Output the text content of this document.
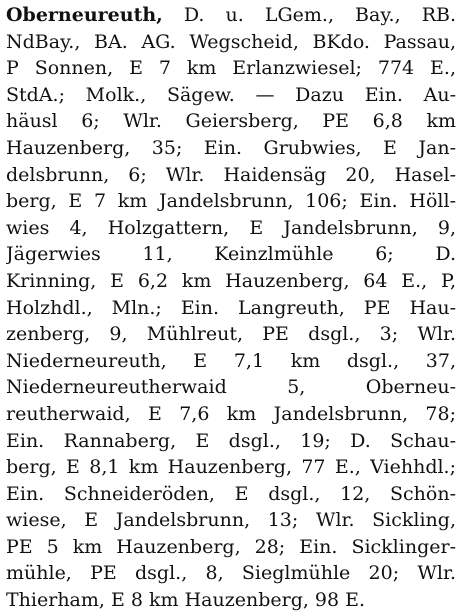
Oberneureuth, D. u. LGem., Bay., RB.
NdBay., BA. AG. Wegscheid, BKdo. Passau,
P Sonnen, E 7 km Erlanzwiesel; 774 E.,
StdA.; Molk., Sägew. — Dazu Ein. Au-
häusl 6; Wlr. Geiersberg, PE 6,8 km
Hauzenberg, 35; Ein. Grubwies, E Jan-
delsbrunn, 6; Wlr. Haidensäg 20, Hasel-
berg, E 7 km Jandelsbrunn, 106; Ein. Höll-
wies 4, Holzgattern, E Jandelsbrunn, 9,
Jägerwies 11, Keinzlmühle 6; D.
Krinning, E 6,2 km Hauzenberg, 64 E., P,
Holzhdl., Mln.; Ein. Langreuth, PE Hau-
zenberg, 9, Mühlreut, PE dsgl., 3; Wlr.
Niederneureuth, E 7,1 km dsgl., 37,
Niederneureutherwaid 5, Oberneu-
reutherwaid, E 7,6 km Jandelsbrunn, 78;
Ein. Rannaberg, E dsgl., 19; D. Schau-
berg, E 8,1 km Hauzenberg, 77 E., Viehhdl.;
Ein. Schneideröden, E dsgl., 12, Schön-
wiese, E Jandelsbrunn, 13; Wlr. Sickling,
PE 5 km Hauzenberg, 28; Ein. Sicklinger-
mühle, PE dsgl., 8, Sieglmühle 20; Wlr.
Thierham, E 8 km Hauzenberg, 98 E.
